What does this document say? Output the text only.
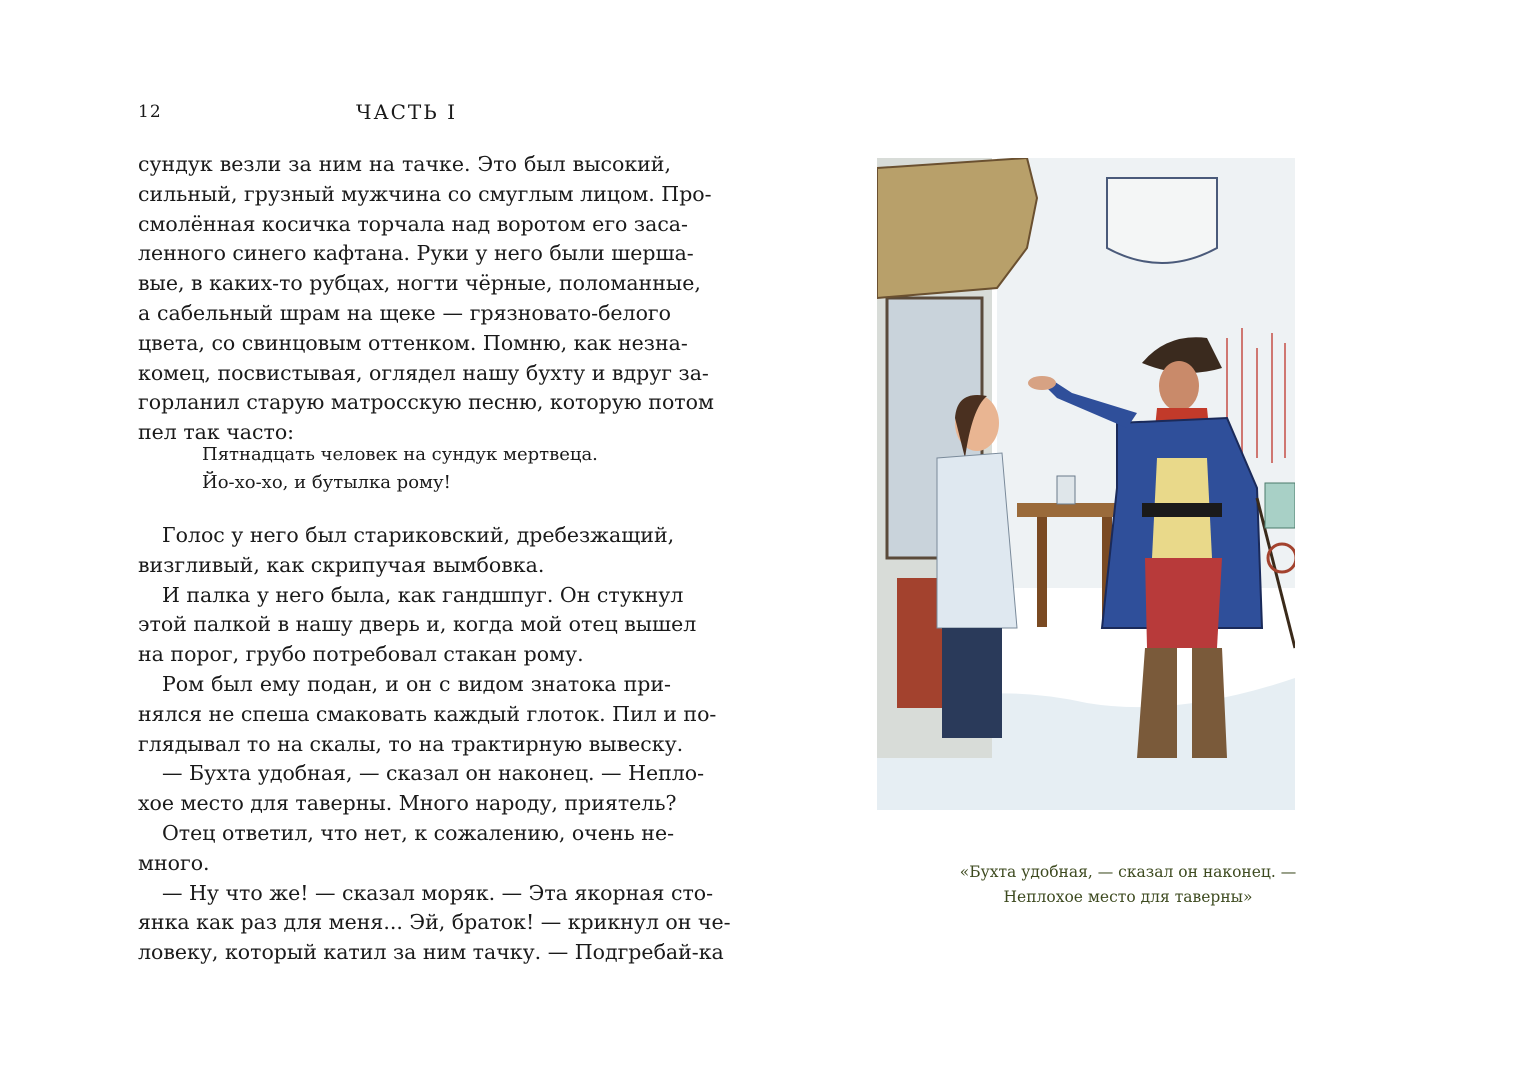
12	ЧАСТЬ I
сундук везли за ним на тачке. Это был высокий,
сильный, грузный мужчина со смуглым лицом. Про-
смолённая косичка торчала над воротом его заса-
ленного синего кафтана. Руки у него были шерша-
вые, в каких-то рубцах, ногти чёрные, поломанные,
а сабельный шрам на щеке — грязновато-белого
цвета, со свинцовым оттенком. Помню, как незна-
комец, посвистывая, оглядел нашу бухту и вдруг за-
горланил старую матросскую песню, которую потом
пел так часто:
Пятнадцать человек на сундук мертвеца.
Йо-хо-хо, и бутылка рому!
Голос у него был стариковский, дребезжащий,
визгливый, как скрипучая вымбовка.
И палка у него была, как гандшпуг. Он стукнул
этой палкой в нашу дверь и, когда мой отец вышел
на порог, грубо потребовал стакан рому.
Ром был ему подан, и он с видом знатока при-
нялся не спеша смаковать каждый глоток. Пил и по-
глядывал то на скалы, то на трактирную вывеску.
— Бухта удобная, — сказал он наконец. — Непло-
хое место для таверны. Много народу, приятель?
Отец ответил, что нет, к сожалению, очень не-
много.
— Ну что же! — сказал моряк. — Эта якорная сто-
янка как раз для меня... Эй, браток! — крикнул он че-
ловеку, который катил за ним тачку. — Подгребай-ка
«Бухта удобная, — сказал он наконец. —
Неплохое место для таверны»
